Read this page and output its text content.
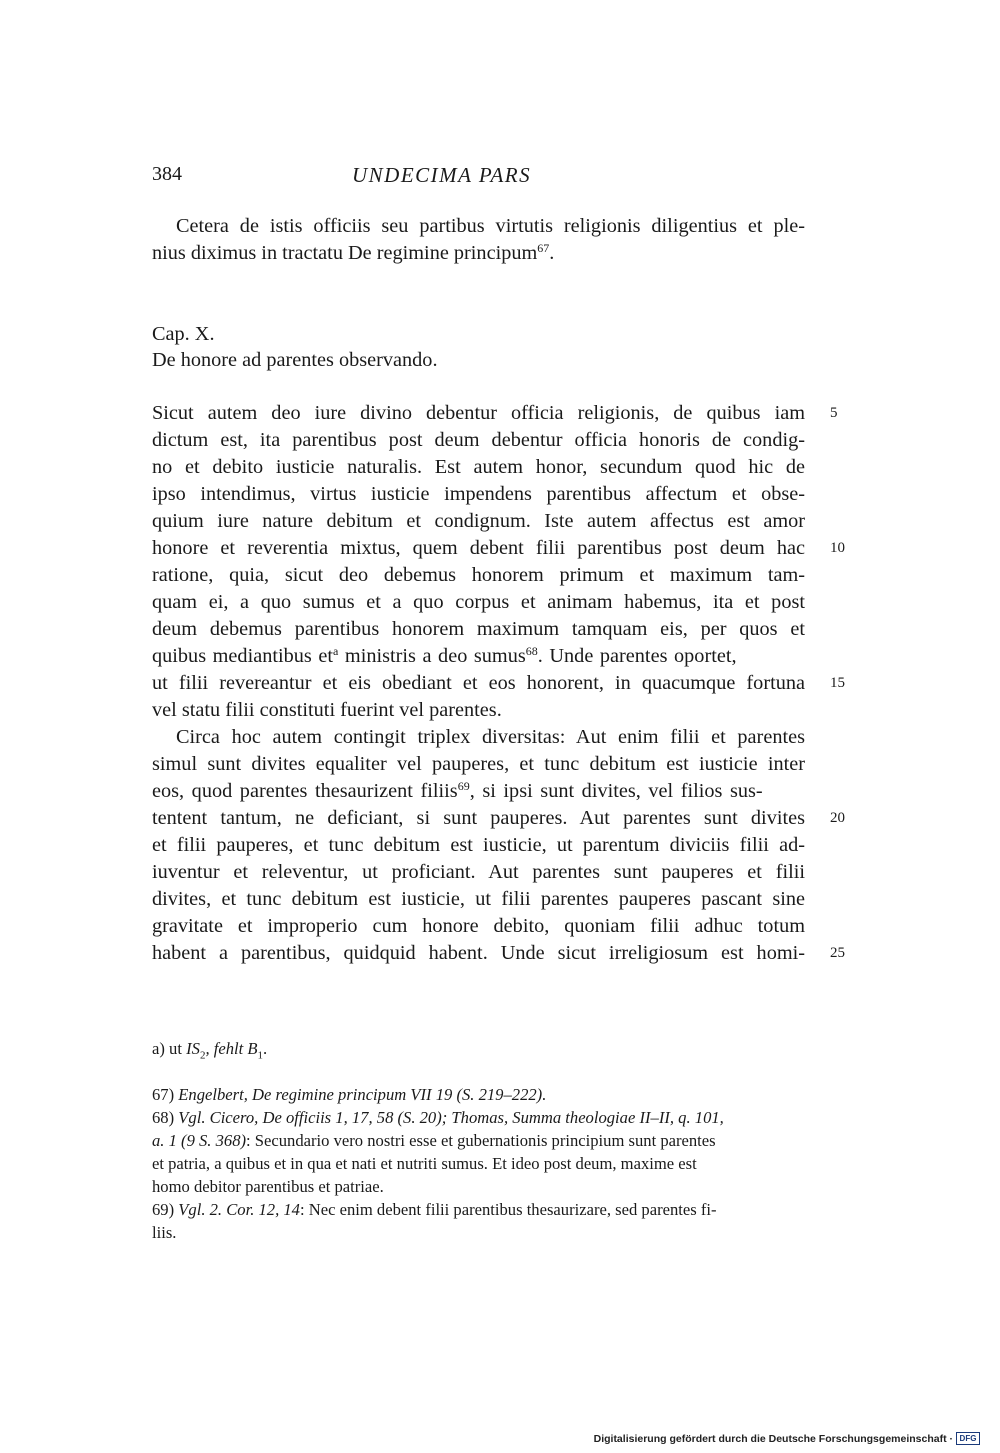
384	UNDECIMA PARS
Cetera de istis officiis seu partibus virtutis religionis diligentius et ple-
nius diximus in tractatu De regimine principum$^{67}$.
Cap. X.
De honore ad parentes observando.
Sicut autem deo iure divino debentur officia religionis, de quibus iam
dictum est, ita parentibus post deum debentur officia honoris de condig-
no et debito iusticie naturalis. Est autem honor, secundum quod hic de
ipso intendimus, virtus iusticie impendens parentibus affectum et obse-
quium iure nature debitum et condignum. Iste autem affectus est amor
honore et reverentia mixtus, quem debent filii parentibus post deum hac
ratione, quia, sicut deo debemus honorem primum et maximum tam-
quam ei, a quo sumus et a quo corpus et animam habemus, ita et post
deum debemus parentibus honorem maximum tamquam eis, per quos et
quibus mediantibus $et^a$ ministris a deo sumus$^{68}$. Unde parentes oportet,
ut filii revereantur et eis obediant et eos honorent, in quacumque fortuna
vel statu filii constituti fuerint vel parentes.
Circa hoc autem contingit triplex diversitas: Aut enim filii et parentes
simul sunt divites equaliter vel pauperes, et tunc debitum est iusticie inter
eos, quod parentes thesaurizent filiis$^{69}$, si ipsi sunt divites, vel filios sus-
tentent tantum, ne deficiant, si sunt pauperes. Aut parentes sunt divites
et filii pauperes, et tunc debitum est iusticie, ut parentum diviciis filii ad-
iuventur et releventur, ut proficiant. Aut parentes sunt pauperes et filii
divites, et tunc debitum est iusticie, ut filii parentes pauperes pascant sine
gravitate et improperio cum honore debito, quoniam filii adhuc totum
habent a parentibus, quidquid habent. Unde sicut irreligiosum est homi-
5
10
15
20
25
a) ut $IS_2$, fehlt $B_1$.
67) Engelbert, De regimine principum VII 19 (S. 219–222).
68) Vgl. Cicero, De officiis 1, 17, 58 (S. 20); Thomas, Summa theologiae II–II, q. 101,
a. 1 (9 S. 368): Secundario vero nostri esse et gubernationis principium sunt parentes
et patria, a quibus et in qua et nati et nutriti sumus. Et ideo post deum, maxime est
homo debitor parentibus et patriae.
69) Vgl. 2. Cor. 12, 14: Nec enim debent filii parentibus thesaurizare, sed parentes fi-
liis.
Digitalisierung gefördert durch die Deutsche Forschungsgemeinschaft · DFG
